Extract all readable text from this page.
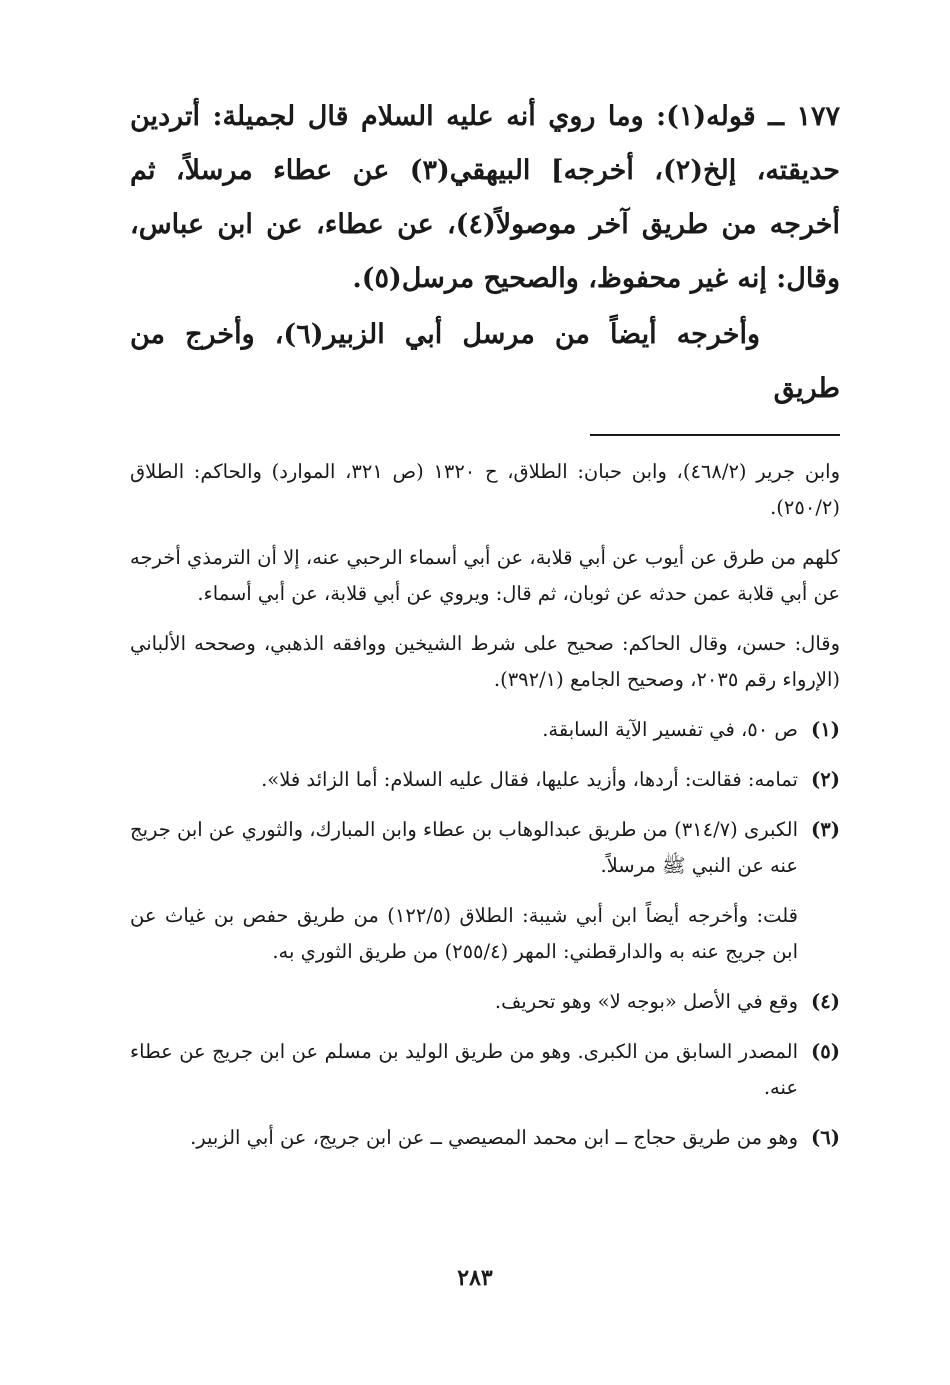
١٧٧ ــ قوله(١): وما روي أنه عليه السلام قال لجميلة: أتردين حديقته، إلخ(٢)، أخرجه] البيهقي(٣) عن عطاء مرسلاً، ثم أخرجه من طريق آخر موصولاً(٤)، عن عطاء، عن ابن عباس، وقال: إنه غير محفوظ، والصحيح مرسل(٥).

وأخرجه أيضاً من مرسل أبي الزبير(٦)، وأخرج من طريق

وابن جرير (٤٦٨/٢)، وابن حبان: الطلاق، ح ١٣٢٠ (ص ٣٢١، الموارد) والحاكم: الطلاق (٢٥٠/٢).

كلهم من طرق عن أيوب عن أبي قلابة، عن أبي أسماء الرحبي عنه، إلا أن الترمذي أخرجه عن أبي قلابة عمن حدثه عن ثوبان، ثم قال: ويروي عن أبي قلابة، عن أبي أسماء.

وقال: حسن، وقال الحاكم: صحيح على شرط الشيخين ووافقه الذهبي، وصححه الألباني (الإرواء رقم ٢٠٣٥، وصحيح الجامع (٣٩٢/١).

(١)
ص ٥٠، في تفسير الآية السابقة.

(٢)
تمامه: فقالت: أردها، وأزيد عليها، فقال عليه السلام: أما الزائد فلا».

(٣)
الكبرى (٣١٤/٧) من طريق عبدالوهاب بن عطاء وابن المبارك، والثوري عن ابن جريج عنه عن النبي ﷺ مرسلاً.

قلت: وأخرجه أيضاً ابن أبي شيبة: الطلاق (١٢٢/٥) من طريق حفص بن غياث عن ابن جريج عنه به والدارقطني: المهر (٢٥٥/٤) من طريق الثوري به.

(٤)
وقع في الأصل «بوجه لا» وهو تحريف.

(٥)
المصدر السابق من الكبرى. وهو من طريق الوليد بن مسلم عن ابن جريج عن عطاء عنه.

(٦)
وهو من طريق حجاج ــ ابن محمد المصيصي ــ عن ابن جريج، عن أبي الزبير.

٢٨٣
